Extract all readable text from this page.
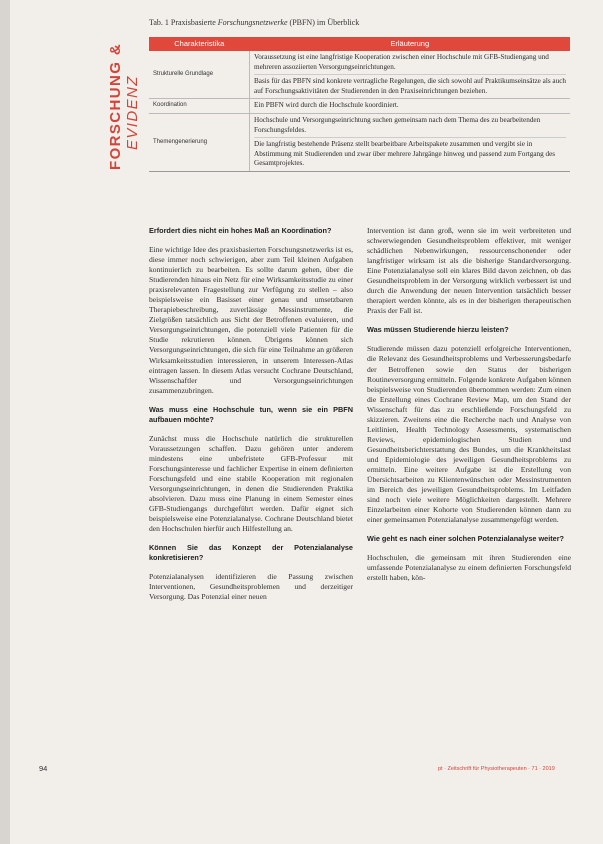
FORSCHUNG & EVIDENZ
Tab. 1 Praxisbasierte Forschungsnetzwerke (PBFN) im Überblick
Charakteristika	Erläuterung
Strukturelle Grundlage	Voraussetzung ist eine langfristige Kooperation zwischen einer Hochschule mit GFB-Studiengang und mehreren assoziierten Versorgungseinrichtungen.
Basis für das PBFN sind konkrete vertragliche Regelungen, die sich sowohl auf Praktikumseinsätze als auch auf Forschungsaktivitäten der Studierenden in den Praxiseinrichtungen beziehen.

Koordination	Ein PBFN wird durch die Hochschule koordiniert.

Themengenerierung	Hochschule und Versorgungseinrichtung suchen gemeinsam nach dem Thema des zu bearbeitenden Forschungsfeldes.
Die langfristig bestehende Präsenz stellt bearbeitbare Arbeitspakete zusammen und vergibt sie in Abstimmung mit Studierenden und zwar über mehrere Jahrgänge hinweg und passend zum Fortgang des Gesamtprojektes.
Erfordert dies nicht ein hohes Maß an Koordination?

Eine wichtige Idee des praxisbasierten Forschungsnetzwerks ist es, diese immer noch schwierigen, aber zum Teil kleinen Aufgaben kontinuierlich zu bearbeiten. Es sollte darum gehen, über die Studierenden hinaus ein Netz für eine Wirksamkeitsstudie zu einer praxisrelevanten Fragestellung zur Verfügung zu stellen – also beispielsweise ein Basisset einer genau und umsetzbaren Therapiebeschreibung, zuverlässige Messinstrumente, die Zielgrößen tatsächlich aus Sicht der Betroffenen evaluieren, und Versorgungseinrichtungen, die potenziell viele Patienten für die Studie rekrutieren können. Übrigens können sich Versorgungseinrichtungen, die sich für eine Teilnahme an größeren Wirksamkeitsstudien interessieren, in unserem Interessen-Atlas eintragen lassen. In diesem Atlas versucht Cochrane Deutschland, Wissenschaftler und Versorgungseinrichtungen zusammenzubringen.

Was muss eine Hochschule tun, wenn sie ein PBFN aufbauen möchte?

Zunächst muss die Hochschule natürlich die strukturellen Voraussetzungen schaffen. Dazu gehören unter anderem mindestens eine unbefristete GFB-Professur mit Forschungsinteresse und fachlicher Expertise in einem definierten Forschungsfeld und eine stabile Kooperation mit regionalen Versorgungseinrichtungen, in denen die Studierenden Praktika absolvieren. Dazu muss eine Planung in einem Semester eines GFB-Studiengangs durchgeführt werden. Dafür eignet sich beispielsweise eine Potenzialanalyse. Cochrane Deutschland bietet den Hochschulen hierfür auch Hilfestellung an.

Können Sie das Konzept der Potenzialanalyse konkretisieren?

Potenzialanalysen identifizieren die Passung zwischen Interventionen, Gesundheitsproblemen und derzeitiger Versorgung. Das Potenzial einer neuen

Intervention ist dann groß, wenn sie im weit verbreiteten und schwerwiegenden Gesundheitsproblem effektiver, mit weniger schädlichen Nebenwirkungen, ressourcenschonender oder langfristiger wirksam ist als die bisherige Standardversorgung. Eine Potenzialanalyse soll ein klares Bild davon zeichnen, ob das Gesundheitsproblem in der Versorgung wirklich verbessert ist und durch die Anwendung der neuen Intervention tatsächlich besser therapiert werden könnte, als es in der bisherigen therapeutischen Praxis der Fall ist.

Was müssen Studierende hierzu leisten?

Studierende müssen dazu potenziell erfolgreiche Interventionen, die Relevanz des Gesundheitsproblems und Verbesserungsbedarfe der Betroffenen sowie den Status der bisherigen Routineversorgung ermitteln. Folgende konkrete Aufgaben können beispielsweise von Studierenden übernommen werden: Zum einen die Erstellung eines Cochrane Review Map, um den Stand der Wissenschaft für das zu erschließende Forschungsfeld zu skizzieren. Zweitens eine die Recherche nach und Analyse von Leitlinien, Health Technology Assessments, systematischen Reviews, epidemiologischen Studien und Gesundheitsberichterstattung des Bundes, um die Krankheitslast und Epidemiologie des jeweiligen Gesundheitsproblems zu ermitteln. Eine weitere Aufgabe ist die Erstellung von Übersichtsarbeiten zu Klientenwünschen oder Messinstrumenten im Bereich des jeweiligen Gesundheitsproblems. Im Leitfaden sind noch viele weitere Möglichkeiten dargestellt. Mehrere Einzelarbeiten einer Kohorte von Studierenden können dann zu einer gemeinsamen Potenzialanalyse zusammengefügt werden.

Wie geht es nach einer solchen Potenzialanalyse weiter?

Hochschulen, die gemeinsam mit ihren Studierenden eine umfassende Potenzialanalyse zu einem definierten Forschungsfeld erstellt haben, kön-

94	pt · Zeitschrift für Physiotherapeuten · 71 · 2019
